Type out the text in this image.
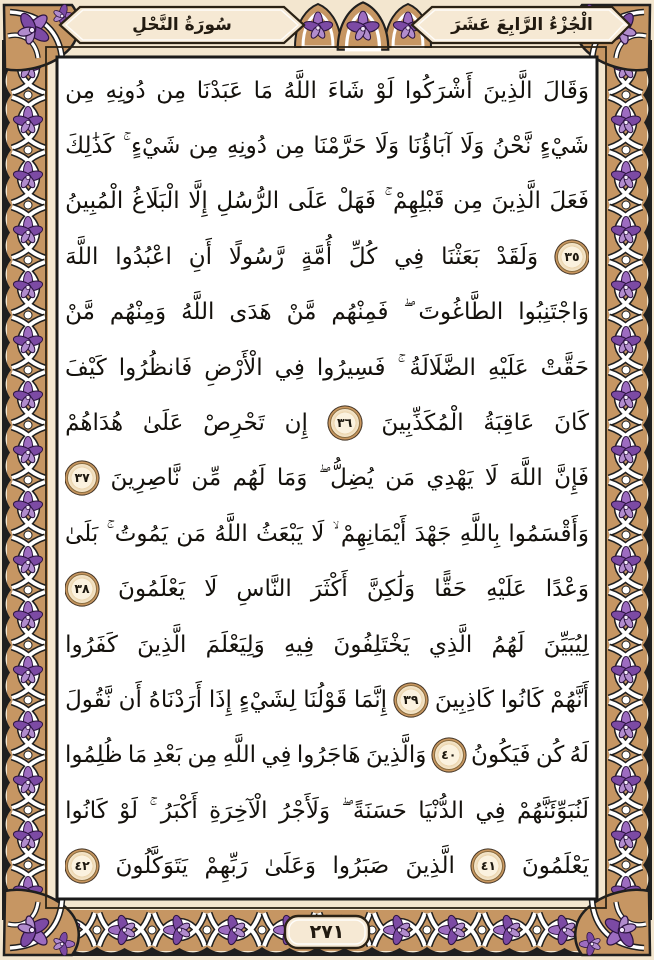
سُورَةُ النَّحْلِ	الْجُزْءُ الرَّابِعَ عَشَرَ
وَقَالَ
الَّذِينَ
أَشْرَكُوا
لَوْ
شَاءَ
اللَّهُ
مَا
عَبَدْنَا
مِن
دُونِهِ
مِن
شَيْءٍ
نَّحْنُ
وَلَا
آبَاؤُنَا
وَلَا
حَرَّمْنَا
مِن
دُونِهِ
مِن
شَيْءٍ
كَذَٰلِكَ
فَعَلَ
الَّذِينَ
مِن
قَبْلِهِمْ
فَهَلْ
عَلَى
الرُّسُلِ
إِلَّا
الْبَلَاغُ
الْمُبِينُ
٣٥
وَلَقَدْ
بَعَثْنَا
فِي
كُلِّ
أُمَّةٍ
رَّسُولًا
أَنِ
اعْبُدُوا
اللَّهَ
وَاجْتَنِبُوا
الطَّاغُوتَ
فَمِنْهُم
مَّنْ
هَدَى
اللَّهُ
وَمِنْهُم
مَّنْ
حَقَّتْ
عَلَيْهِ
الضَّلَالَةُ
فَسِيرُوا
فِي
الْأَرْضِ
فَانظُرُوا
كَيْفَ
كَانَ
عَاقِبَةُ
الْمُكَذِّبِينَ
٣٦
إِن
تَحْرِصْ
عَلَىٰ
هُدَاهُمْ
فَإِنَّ
اللَّهَ
لَا
يَهْدِي
مَن
يُضِلُّ
وَمَا
لَهُم
مِّن
نَّاصِرِينَ
٣٧
وَأَقْسَمُوا
بِاللَّهِ
جَهْدَ
أَيْمَانِهِمْ
لَا
يَبْعَثُ
اللَّهُ
مَن
يَمُوتُ
بَلَىٰ
وَعْدًا
عَلَيْهِ
حَقًّا
وَلَٰكِنَّ
أَكْثَرَ
النَّاسِ
لَا
يَعْلَمُونَ
٣٨
لِيُبَيِّنَ
لَهُمُ
الَّذِي
يَخْتَلِفُونَ
فِيهِ
وَلِيَعْلَمَ
الَّذِينَ
كَفَرُوا
أَنَّهُمْ
كَانُوا
كَاذِبِينَ
٣٩
إِنَّمَا
قَوْلُنَا
لِشَيْءٍ
إِذَا
أَرَدْنَاهُ
أَن
نَّقُولَ
لَهُ
كُن
فَيَكُونُ
٤٠
وَالَّذِينَ
هَاجَرُوا
فِي
اللَّهِ
مِن
بَعْدِ
مَا
ظُلِمُوا
لَنُبَوِّئَنَّهُمْ
فِي
الدُّنْيَا
حَسَنَةً
وَلَأَجْرُ
الْآخِرَةِ
أَكْبَرُ
لَوْ
كَانُوا
يَعْلَمُونَ
٤١
الَّذِينَ
صَبَرُوا
وَعَلَىٰ
رَبِّهِمْ
يَتَوَكَّلُونَ
٤٢
٢٧١
